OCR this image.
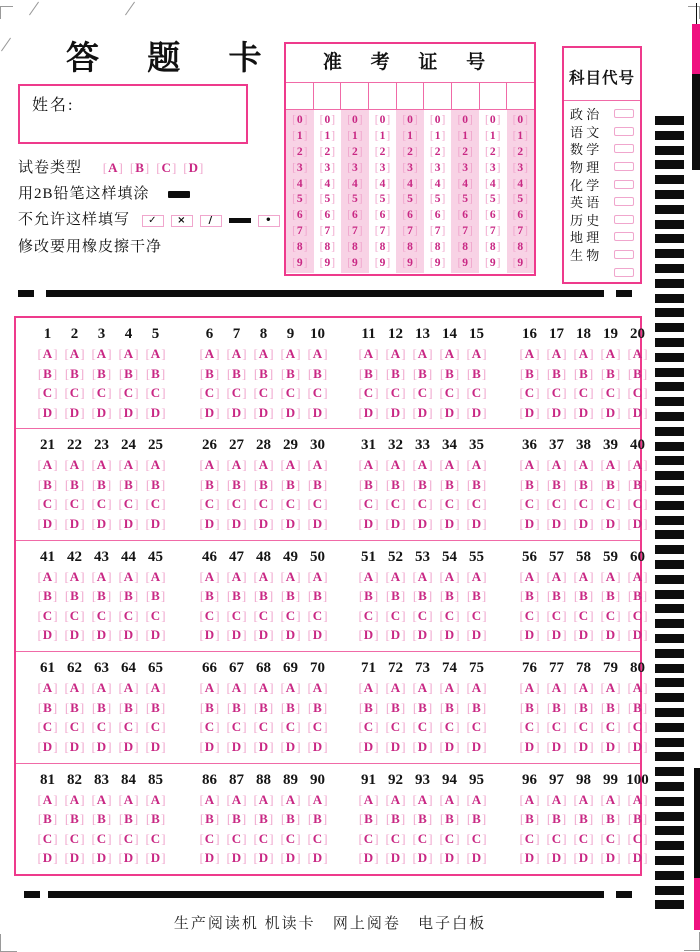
答 题 卡
姓名:
试卷类型 [ A ] [ B ] [ C ] [ D ]
用2B铅笔这样填涂
不允许这样填写 ✓ × /	•
修改要用橡皮擦干净
准 考 证 号
[ 0 ]
[ 1 ]
[ 2 ]
[ 3 ]
[ 4 ]
[ 5 ]
[ 6 ]
[ 7 ]
[ 8 ]
[ 9 ]
[ 0 ]
[ 1 ]
[ 2 ]
[ 3 ]
[ 4 ]
[ 5 ]
[ 6 ]
[ 7 ]
[ 8 ]
[ 9 ]
[ 0 ]
[ 1 ]
[ 2 ]
[ 3 ]
[ 4 ]
[ 5 ]
[ 6 ]
[ 7 ]
[ 8 ]
[ 9 ]
[ 0 ]
[ 1 ]
[ 2 ]
[ 3 ]
[ 4 ]
[ 5 ]
[ 6 ]
[ 7 ]
[ 8 ]
[ 9 ]
[ 0 ]
[ 1 ]
[ 2 ]
[ 3 ]
[ 4 ]
[ 5 ]
[ 6 ]
[ 7 ]
[ 8 ]
[ 9 ]
[ 0 ]
[ 1 ]
[ 2 ]
[ 3 ]
[ 4 ]
[ 5 ]
[ 6 ]
[ 7 ]
[ 8 ]
[ 9 ]
[ 0 ]
[ 1 ]
[ 2 ]
[ 3 ]
[ 4 ]
[ 5 ]
[ 6 ]
[ 7 ]
[ 8 ]
[ 9 ]
[ 0 ]
[ 1 ]
[ 2 ]
[ 3 ]
[ 4 ]
[ 5 ]
[ 6 ]
[ 7 ]
[ 8 ]
[ 9 ]
[ 0 ]
[ 1 ]
[ 2 ]
[ 3 ]
[ 4 ]
[ 5 ]
[ 6 ]
[ 7 ]
[ 8 ]
[ 9 ]
科目代号
政 治
语 文
数 学
物 理
化 学
英 语
历 史
地 理
生 物
1
[ A ]
[ B ]
[ C ]
[ D ]
2
[ A ]
[ B ]
[ C ]
[ D ]
3
[ A ]
[ B ]
[ C ]
[ D ]
4
[ A ]
[ B ]
[ C ]
[ D ]
5
[ A ]
[ B ]
[ C ]
[ D ]
6
[ A ]
[ B ]
[ C ]
[ D ]
7
[ A ]
[ B ]
[ C ]
[ D ]
8
[ A ]
[ B ]
[ C ]
[ D ]
9
[ A ]
[ B ]
[ C ]
[ D ]
10
[ A ]
[ B ]
[ C ]
[ D ]
11
[ A ]
[ B ]
[ C ]
[ D ]
12
[ A ]
[ B ]
[ C ]
[ D ]
13
[ A ]
[ B ]
[ C ]
[ D ]
14
[ A ]
[ B ]
[ C ]
[ D ]
15
[ A ]
[ B ]
[ C ]
[ D ]
16
[ A ]
[ B ]
[ C ]
[ D ]
17
[ A ]
[ B ]
[ C ]
[ D ]
18
[ A ]
[ B ]
[ C ]
[ D ]
19
[ A ]
[ B ]
[ C ]
[ D ]
20
[ A ]
[ B ]
[ C ]
[ D ]
21
[ A ]
[ B ]
[ C ]
[ D ]
22
[ A ]
[ B ]
[ C ]
[ D ]
23
[ A ]
[ B ]
[ C ]
[ D ]
24
[ A ]
[ B ]
[ C ]
[ D ]
25
[ A ]
[ B ]
[ C ]
[ D ]
26
[ A ]
[ B ]
[ C ]
[ D ]
27
[ A ]
[ B ]
[ C ]
[ D ]
28
[ A ]
[ B ]
[ C ]
[ D ]
29
[ A ]
[ B ]
[ C ]
[ D ]
30
[ A ]
[ B ]
[ C ]
[ D ]
31
[ A ]
[ B ]
[ C ]
[ D ]
32
[ A ]
[ B ]
[ C ]
[ D ]
33
[ A ]
[ B ]
[ C ]
[ D ]
34
[ A ]
[ B ]
[ C ]
[ D ]
35
[ A ]
[ B ]
[ C ]
[ D ]
36
[ A ]
[ B ]
[ C ]
[ D ]
37
[ A ]
[ B ]
[ C ]
[ D ]
38
[ A ]
[ B ]
[ C ]
[ D ]
39
[ A ]
[ B ]
[ C ]
[ D ]
40
[ A ]
[ B ]
[ C ]
[ D ]
41
[ A ]
[ B ]
[ C ]
[ D ]
42
[ A ]
[ B ]
[ C ]
[ D ]
43
[ A ]
[ B ]
[ C ]
[ D ]
44
[ A ]
[ B ]
[ C ]
[ D ]
45
[ A ]
[ B ]
[ C ]
[ D ]
46
[ A ]
[ B ]
[ C ]
[ D ]
47
[ A ]
[ B ]
[ C ]
[ D ]
48
[ A ]
[ B ]
[ C ]
[ D ]
49
[ A ]
[ B ]
[ C ]
[ D ]
50
[ A ]
[ B ]
[ C ]
[ D ]
51
[ A ]
[ B ]
[ C ]
[ D ]
52
[ A ]
[ B ]
[ C ]
[ D ]
53
[ A ]
[ B ]
[ C ]
[ D ]
54
[ A ]
[ B ]
[ C ]
[ D ]
55
[ A ]
[ B ]
[ C ]
[ D ]
56
[ A ]
[ B ]
[ C ]
[ D ]
57
[ A ]
[ B ]
[ C ]
[ D ]
58
[ A ]
[ B ]
[ C ]
[ D ]
59
[ A ]
[ B ]
[ C ]
[ D ]
60
[ A ]
[ B ]
[ C ]
[ D ]
61
[ A ]
[ B ]
[ C ]
[ D ]
62
[ A ]
[ B ]
[ C ]
[ D ]
63
[ A ]
[ B ]
[ C ]
[ D ]
64
[ A ]
[ B ]
[ C ]
[ D ]
65
[ A ]
[ B ]
[ C ]
[ D ]
66
[ A ]
[ B ]
[ C ]
[ D ]
67
[ A ]
[ B ]
[ C ]
[ D ]
68
[ A ]
[ B ]
[ C ]
[ D ]
69
[ A ]
[ B ]
[ C ]
[ D ]
70
[ A ]
[ B ]
[ C ]
[ D ]
71
[ A ]
[ B ]
[ C ]
[ D ]
72
[ A ]
[ B ]
[ C ]
[ D ]
73
[ A ]
[ B ]
[ C ]
[ D ]
74
[ A ]
[ B ]
[ C ]
[ D ]
75
[ A ]
[ B ]
[ C ]
[ D ]
76
[ A ]
[ B ]
[ C ]
[ D ]
77
[ A ]
[ B ]
[ C ]
[ D ]
78
[ A ]
[ B ]
[ C ]
[ D ]
79
[ A ]
[ B ]
[ C ]
[ D ]
80
[ A ]
[ B ]
[ C ]
[ D ]
81
[ A ]
[ B ]
[ C ]
[ D ]
82
[ A ]
[ B ]
[ C ]
[ D ]
83
[ A ]
[ B ]
[ C ]
[ D ]
84
[ A ]
[ B ]
[ C ]
[ D ]
85
[ A ]
[ B ]
[ C ]
[ D ]
86
[ A ]
[ B ]
[ C ]
[ D ]
87
[ A ]
[ B ]
[ C ]
[ D ]
88
[ A ]
[ B ]
[ C ]
[ D ]
89
[ A ]
[ B ]
[ C ]
[ D ]
90
[ A ]
[ B ]
[ C ]
[ D ]
91
[ A ]
[ B ]
[ C ]
[ D ]
92
[ A ]
[ B ]
[ C ]
[ D ]
93
[ A ]
[ B ]
[ C ]
[ D ]
94
[ A ]
[ B ]
[ C ]
[ D ]
95
[ A ]
[ B ]
[ C ]
[ D ]
96
[ A ]
[ B ]
[ C ]
[ D ]
97
[ A ]
[ B ]
[ C ]
[ D ]
98
[ A ]
[ B ]
[ C ]
[ D ]
99
[ A ]
[ B ]
[ C ]
[ D ]
100
[ A ]
[ B ]
[ C ]
[ D ]
生产阅读机 机读卡   网上阅卷   电子白板
